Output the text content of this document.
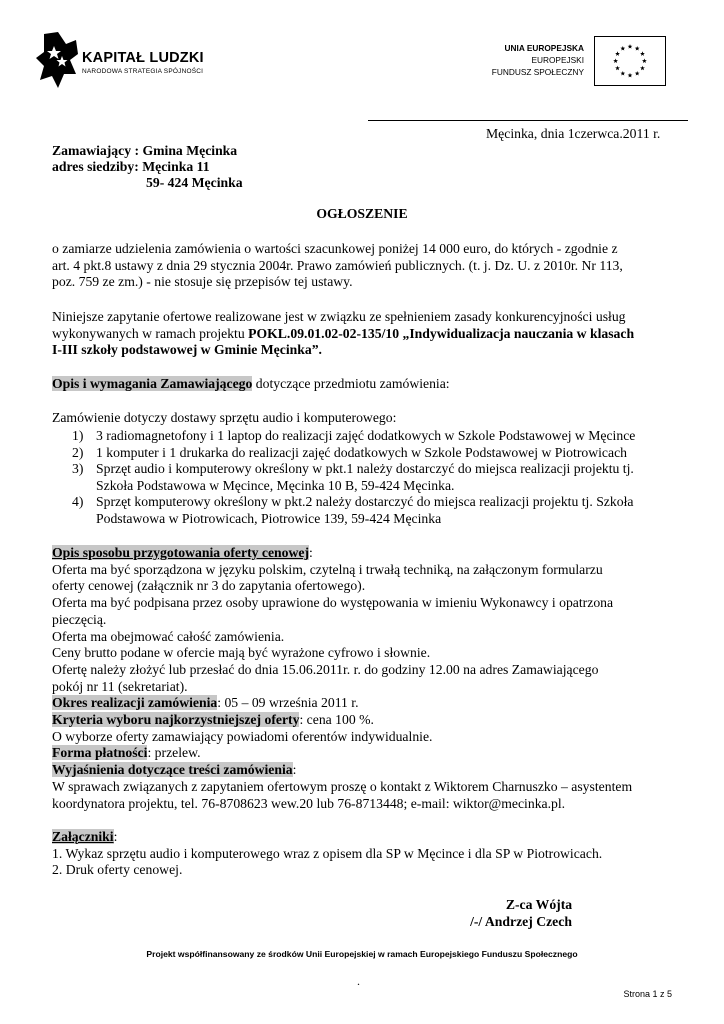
KAPITAŁ LUDZKI
NARODOWA STRATEGIA SPÓJNOŚCI
UNIA EUROPEJSKA
EUROPEJSKI
FUNDUSZ SPOŁECZNY
Męcinka, dnia 1czerwca.2011 r.
Zamawiający : Gmina Męcinka
adres siedziby: Męcinka 11
59- 424 Męcinka
OGŁOSZENIE
o zamiarze udzielenia zamówienia o wartości szacunkowej poniżej 14 000 euro, do których - zgodnie z
art. 4 pkt.8 ustawy z dnia 29 stycznia 2004r. Prawo zamówień publicznych. (t. j. Dz. U. z 2010r. Nr 113,
poz. 759 ze zm.) - nie stosuje się przepisów tej ustawy.
Niniejsze zapytanie ofertowe realizowane jest w związku ze spełnieniem zasady konkurencyjności usług
wykonywanych w ramach projektu POKL.09.01.02-02-135/10 „Indywidualizacja nauczania w klasach
I-III szkoły podstawowej w Gminie Męcinka”.
Opis i wymagania Zamawiającego dotyczące przedmiotu zamówienia:
Zamówienie dotyczy dostawy sprzętu audio i komputerowego:
1) 3 radiomagnetofony i 1 laptop do realizacji zajęć dodatkowych w Szkole Podstawowej w Męcince
2) 1 komputer i 1 drukarka do realizacji zajęć dodatkowych w Szkole Podstawowej w Piotrowicach
3) Sprzęt audio i komputerowy określony w pkt.1 należy dostarczyć do miejsca realizacji projektu tj.
Szkoła Podstawowa w Męcince, Męcinka 10 B, 59-424 Męcinka.
4) Sprzęt komputerowy określony w pkt.2 należy dostarczyć do miejsca realizacji projektu tj. Szkoła
Podstawowa w Piotrowicach, Piotrowice 139, 59-424 Męcinka
Opis sposobu przygotowania oferty cenowej:
Oferta ma być sporządzona w języku polskim, czytelną i trwałą techniką, na załączonym formularzu
oferty cenowej (załącznik nr 3 do zapytania ofertowego).
Oferta ma być podpisana przez osoby uprawione do występowania w imieniu Wykonawcy i opatrzona
pieczęcią.
Oferta ma obejmować całość zamówienia.
Ceny brutto podane w ofercie mają być wyrażone cyfrowo i słownie.
Ofertę należy złożyć lub przesłać do dnia 15.06.2011r. r. do godziny 12.00 na adres Zamawiającego
pokój nr 11 (sekretariat).
Okres realizacji zamówienia: 05 – 09 września 2011 r.
Kryteria wyboru najkorzystniejszej oferty: cena 100 %.
O wyborze oferty zamawiający powiadomi oferentów indywidualnie.
Forma płatności: przelew.
Wyjaśnienia dotyczące treści zamówienia:
W sprawach związanych z zapytaniem ofertowym proszę o kontakt z Wiktorem Charnuszko – asystentem
koordynatora projektu, tel. 76-8708623 wew.20 lub 76-8713448; e-mail: wiktor@mecinka.pl.
Załączniki:
1. Wykaz sprzętu audio i komputerowego wraz z opisem dla SP w Męcince i dla SP w Piotrowicach.
2. Druk oferty cenowej.
Z-ca Wójta
/-/ Andrzej Czech
Projekt współfinansowany ze środków Unii Europejskiej w ramach Europejskiego Funduszu Społecznego
.
Strona 1 z 5
